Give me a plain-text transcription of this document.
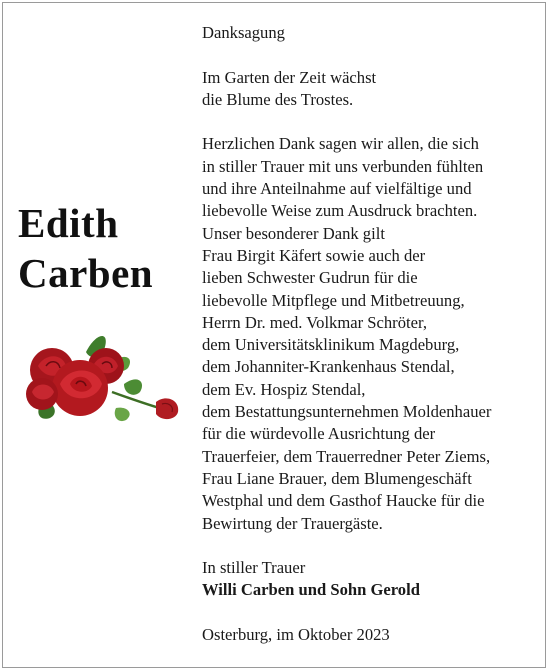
Edith
Carben
Danksagung
Im Garten der Zeit wächst
die Blume des Trostes.
Herzlichen Dank sagen wir allen, die sich
in stiller Trauer mit uns verbunden fühlten
und ihre Anteilnahme auf vielfältige und
liebevolle Weise zum Ausdruck brachten.
Unser besonderer Dank gilt
Frau Birgit Käfert sowie auch der
lieben Schwester Gudrun für die
liebevolle Mitpflege und Mitbetreuung,
Herrn Dr. med. Volkmar Schröter,
dem Universitätsklinikum Magdeburg,
dem Johanniter-Krankenhaus Stendal,
dem Ev. Hospiz Stendal,
dem Bestattungsunternehmen Moldenhauer
für die würdevolle Ausrichtung der
Trauerfeier, dem Trauerredner Peter Ziems,
Frau Liane Brauer, dem Blumengeschäft
Westphal und dem Gasthof Haucke für die
Bewirtung der Trauergäste.
In stiller Trauer
Willi Carben und Sohn Gerold
Osterburg, im Oktober 2023
